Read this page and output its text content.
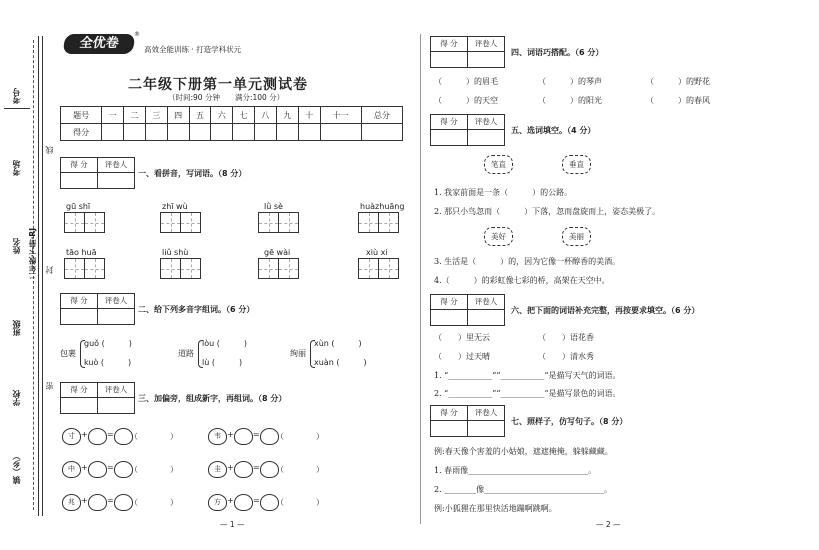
考号
考场
姓名
班级
学校
镇（乡）
二年级·下册·RJ
线
封
密
全优卷
®
高效全能训练 · 打造学科状元
二年级下册第一单元测试卷
（时间:90 分钟　　满分:100 分）
题号	一	二	三	四	五	六	七	八	九	十	十一	总分
得分												
得 分	评卷人
一、看拼音，写词语。（8 分）
gū shī	zhī wù	lǜ sè	huàzhuāng
tāo huā	liǔ shù	gē wài	xiù xi
得 分	评卷人
二、给下列多音字组词。（6 分）
包裹
guǒ (　　　)
kuò (　　　)
道路
lòu (　　　)
lù (　　　)
绚丽
xùn (　　　)
xuàn (　　　)
得 分	评卷人
三、加偏旁，组成新字，再组词。（8 分）
寸 + = （　　　　）
中 + = （　　　　）
兆 + = （　　　　）
韦 + = （　　　　）
圭 + = （　　　　）
方 + = （　　　　）
— 1 —
得 分	评卷人
四、词语巧搭配。（6 分）
（　　　）的眉毛	（　　　）的琴声	（　　　）的野花
（　　　）的天空	（　　　）的阳光	（　　　）的春风
得 分	评卷人
五、选词填空。（4 分）
笔直	垂直
1. 我家前面是一条（　　　）的公路。
2. 那只小鸟忽而（　　　）下落，忽而盘旋而上，姿态美极了。
美好	美丽
3. 生活是（　　　）的，因为它像一杯醇香的美酒。
4.（　　　）的彩虹像七彩的桥，高架在天空中。
得 分	评卷人
六、把下面的词语补充完整，再按要求填空。（6 分）
（　　）里无云	（　　）语花香
（　　）过天晴	（　　）清水秀
1. “___________”“___________”是描写天气的词语。
2. “___________”“___________”是描写景色的词语。
得 分	评卷人
七、照样子，仿写句子。（8 分）
例:春天像个害羞的小姑娘，遮遮掩掩，躲躲藏藏。
1. 春雨像______________________________。
2. ________像______________________________。
例:小狐狸在那里快活地蹦啊跳啊。
— 2 —
